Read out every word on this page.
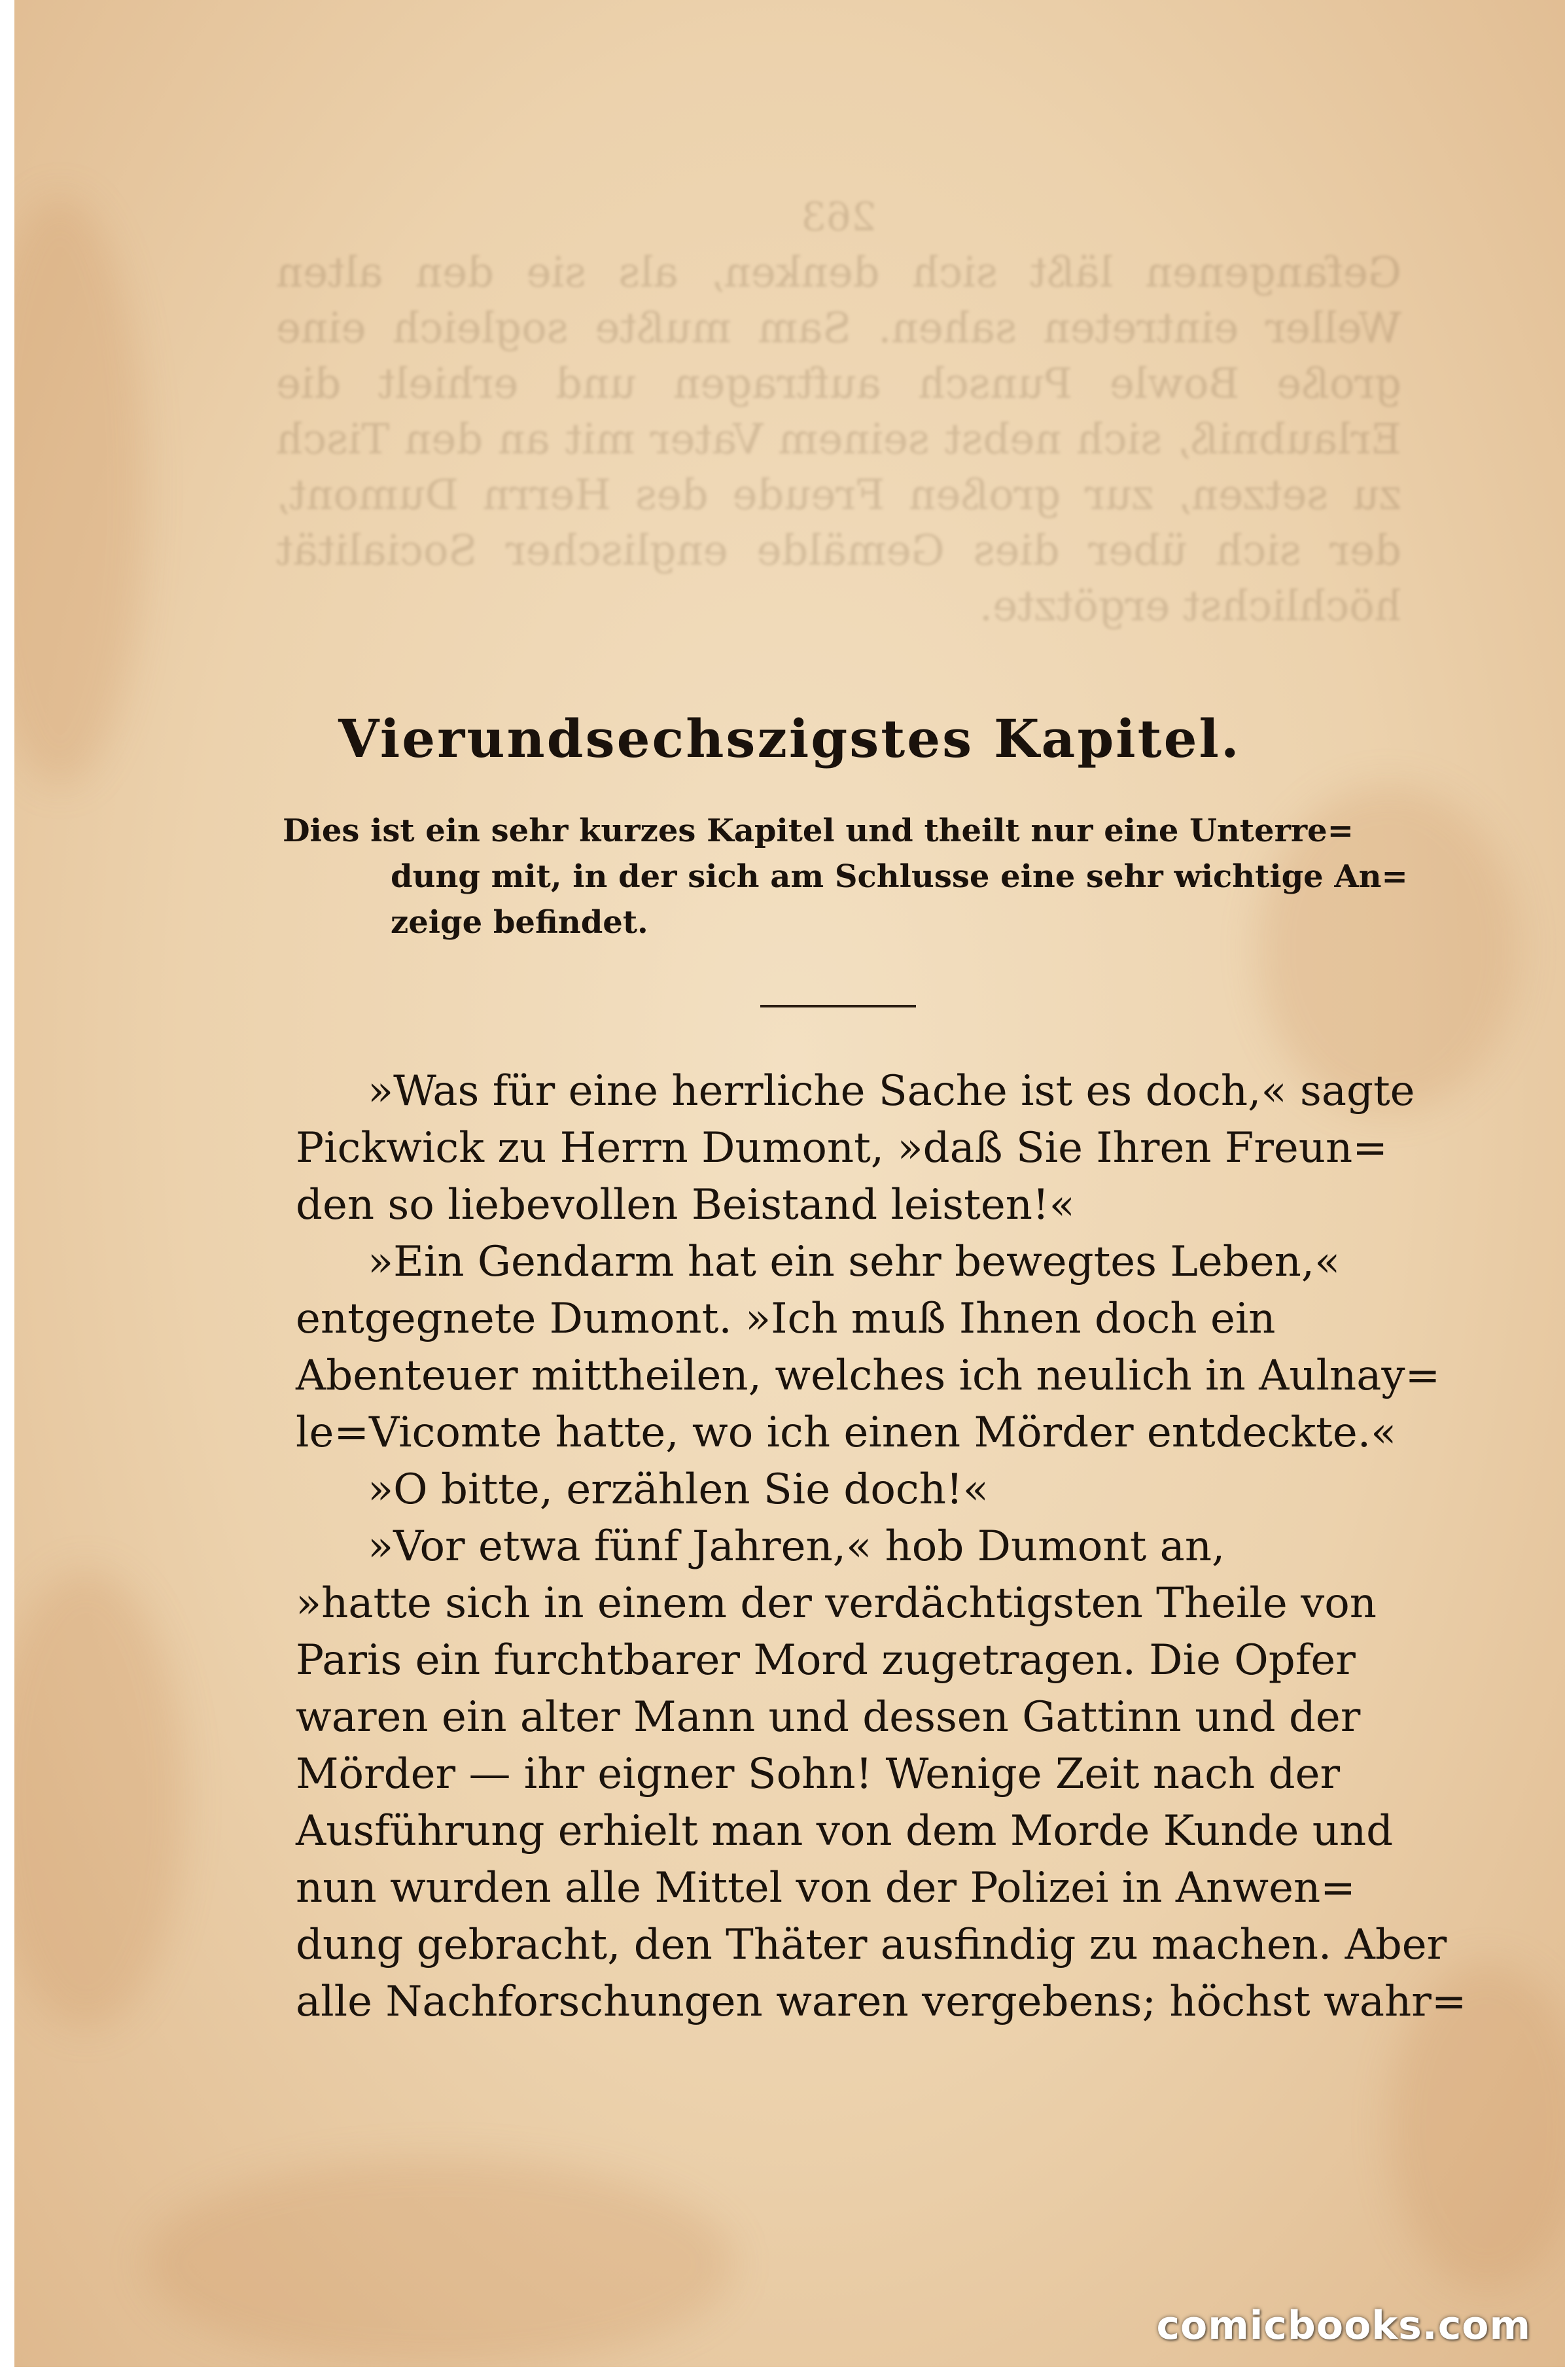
263
Gefangenen läßt sich denken, als sie den alten Weller eintreten sahen. Sam mußte sogleich eine große Bowle Punsch auftragen und erhielt die Erlaubniß, sich nebst seinem Vater mit an den Tisch zu setzen, zur großen Freude des Herrn Dumont, der sich über dies Gemälde englischer Socialität höchlichst ergötzte.
Vierundsechszigstes Kapitel.
Dies ist ein sehr kurzes Kapitel und theilt nur eine Unterre=
dung mit, in der sich am Schlusse eine sehr wichtige An=
zeige befindet.
»Was für eine herrliche Sache ist es doch,« sagte
Pickwick zu Herrn Dumont, »daß Sie Ihren Freun=
den so liebevollen Beistand leisten!«
»Ein Gendarm hat ein sehr bewegtes Leben,«
entgegnete Dumont. »Ich muß Ihnen doch ein
Abenteuer mittheilen, welches ich neulich in Aulnay=
le=Vicomte hatte, wo ich einen Mörder entdeckte.«
»O bitte, erzählen Sie doch!«
»Vor etwa fünf Jahren,« hob Dumont an,
»hatte sich in einem der verdächtigsten Theile von
Paris ein furchtbarer Mord zugetragen. Die Opfer
waren ein alter Mann und dessen Gattinn und der
Mörder — ihr eigner Sohn! Wenige Zeit nach der
Ausführung erhielt man von dem Morde Kunde und
nun wurden alle Mittel von der Polizei in Anwen=
dung gebracht, den Thäter ausfindig zu machen. Aber
alle Nachforschungen waren vergebens; höchst wahr=
comicbooks.com
